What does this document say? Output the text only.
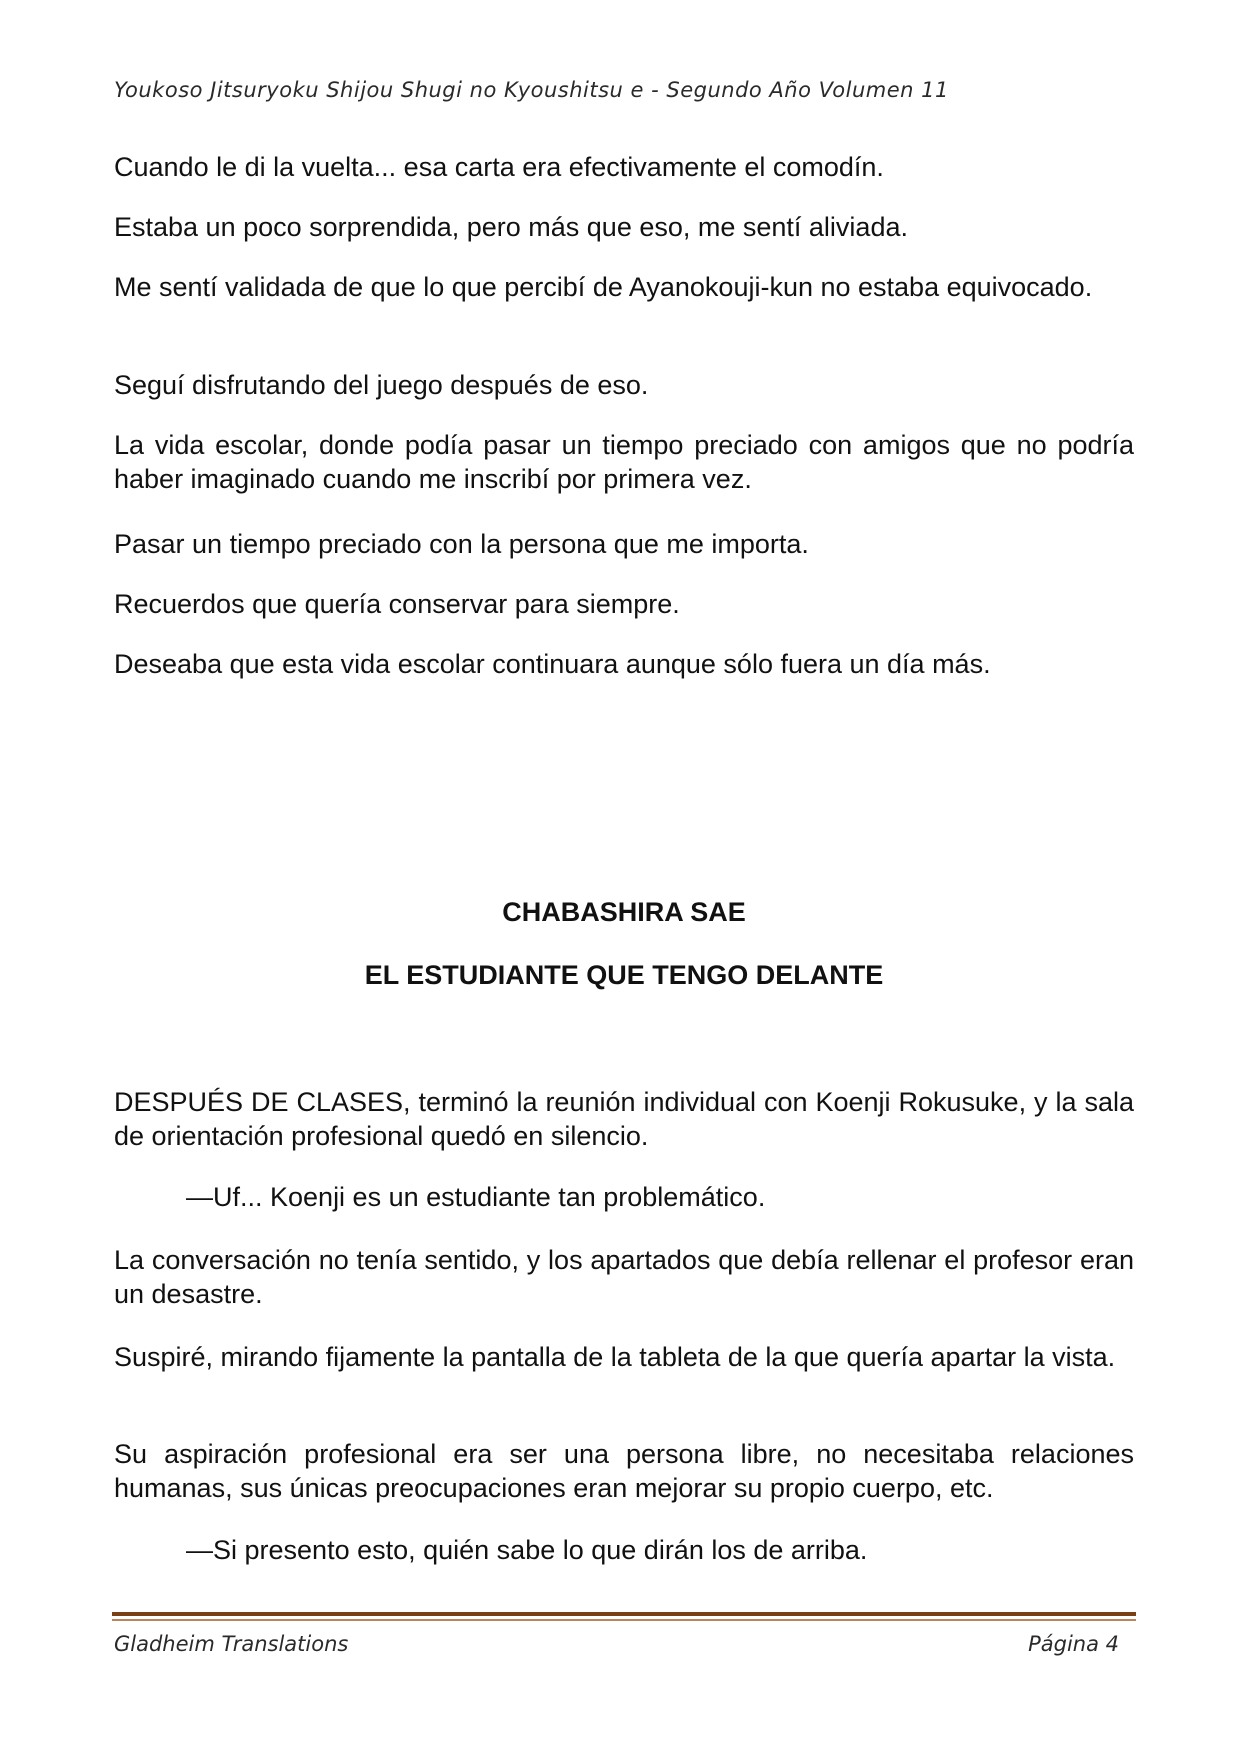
Youkoso Jitsuryoku Shijou Shugi no Kyoushitsu e - Segundo Año Volumen 11

Cuando le di la vuelta... esa carta era efectivamente el comodín.

Estaba un poco sorprendida, pero más que eso, me sentí aliviada.

Me sentí validada de que lo que percibí de Ayanokouji-kun no estaba equivocado.

Seguí disfrutando del juego después de eso.

La vida escolar, donde podía pasar un tiempo preciado con amigos que no podría haber imaginado cuando me inscribí por primera vez.

Pasar un tiempo preciado con la persona que me importa.

Recuerdos que quería conservar para siempre.

Deseaba que esta vida escolar continuara aunque sólo fuera un día más.

CHABASHIRA SAE
EL ESTUDIANTE QUE TENGO DELANTE

DESPUÉS DE CLASES, terminó la reunión individual con Koenji Rokusuke, y la sala de orientación profesional quedó en silencio.

—Uf... Koenji es un estudiante tan problemático.

La conversación no tenía sentido, y los apartados que debía rellenar el profesor eran un desastre.

Suspiré, mirando fijamente la pantalla de la tableta de la que quería apartar la vista.

Su aspiración profesional era ser una persona libre, no necesitaba relaciones humanas, sus únicas preocupaciones eran mejorar su propio cuerpo, etc.

—Si presento esto, quién sabe lo que dirán los de arriba.

Gladheim Translations	Página 4
